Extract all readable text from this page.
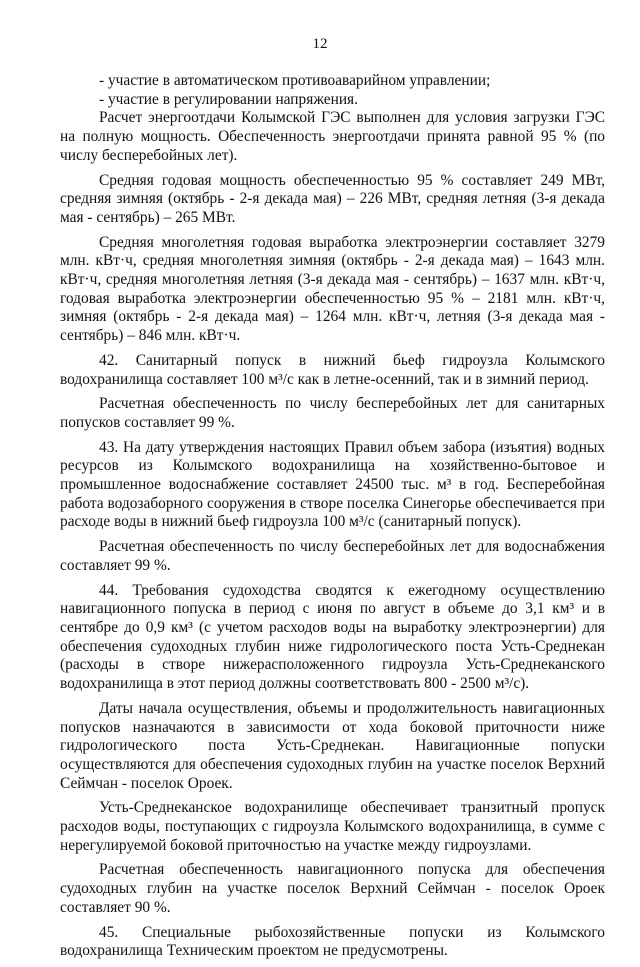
12

- участие в автоматическом противоаварийном управлении;

- участие в регулировании напряжения.

Расчет энергоотдачи Колымской ГЭС выполнен для условия загрузки ГЭС на полную мощность. Обеспеченность энергоотдачи принята равной 95 % (по числу бесперебойных лет).

Средняя годовая мощность обеспеченностью 95 % составляет 249 МВт, средняя зимняя (октябрь - 2-я декада мая) – 226 МВт, средняя летняя (3-я декада мая - сентябрь) – 265 МВт.

Средняя многолетняя годовая выработка электроэнергии составляет 3279 млн. кВт·ч, средняя многолетняя зимняя (октябрь - 2-я декада мая) – 1643 млн. кВт·ч, средняя многолетняя летняя (3-я декада мая - сентябрь) – 1637 млн. кВт·ч, годовая выработка электроэнергии обеспеченностью 95 % – 2181 млн. кВт·ч, зимняя (октябрь - 2-я декада мая) – 1264 млн. кВт·ч, летняя (3-я декада мая - сентябрь) – 846 млн. кВт·ч.

42. Санитарный попуск в нижний бьеф гидроузла Колымского водохранилища составляет 100 м³/с как в летне-осенний, так и в зимний период.

Расчетная обеспеченность по числу бесперебойных лет для санитарных попусков составляет 99 %.

43. На дату утверждения настоящих Правил объем забора (изъятия) водных ресурсов из Колымского водохранилища на хозяйственно-бытовое и промышленное водоснабжение составляет 24500 тыс. м³ в год. Бесперебойная работа водозаборного сооружения в створе поселка Синегорье обеспечивается при расходе воды в нижний бьеф гидроузла 100 м³/с (санитарный попуск).

Расчетная обеспеченность по числу бесперебойных лет для водоснабжения составляет 99 %.

44. Требования судоходства сводятся к ежегодному осуществлению навигационного попуска в период с июня по август в объеме до 3,1 км³ и в сентябре до 0,9 км³ (с учетом расходов воды на выработку электроэнергии) для обеспечения судоходных глубин ниже гидрологического поста Усть-Среднекан (расходы в створе нижерасположенного гидроузла Усть-Среднеканского водохранилища в этот период должны соответствовать 800 - 2500 м³/с).

Даты начала осуществления, объемы и продолжительность навигационных попусков назначаются в зависимости от хода боковой приточности ниже гидрологического поста Усть-Среднекан. Навигационные попуски осуществляются для обеспечения судоходных глубин на участке поселок Верхний Сеймчан - поселок Ороек.

Усть-Среднеканское водохранилище обеспечивает транзитный пропуск расходов воды, поступающих с гидроузла Колымского водохранилища, в сумме с нерегулируемой боковой приточностью на участке между гидроузлами.

Расчетная обеспеченность навигационного попуска для обеспечения судоходных глубин на участке поселок Верхний Сеймчан - поселок Ороек составляет 90 %.

45. Специальные рыбохозяйственные попуски из Колымского водохранилища Техническим проектом не предусмотрены.
